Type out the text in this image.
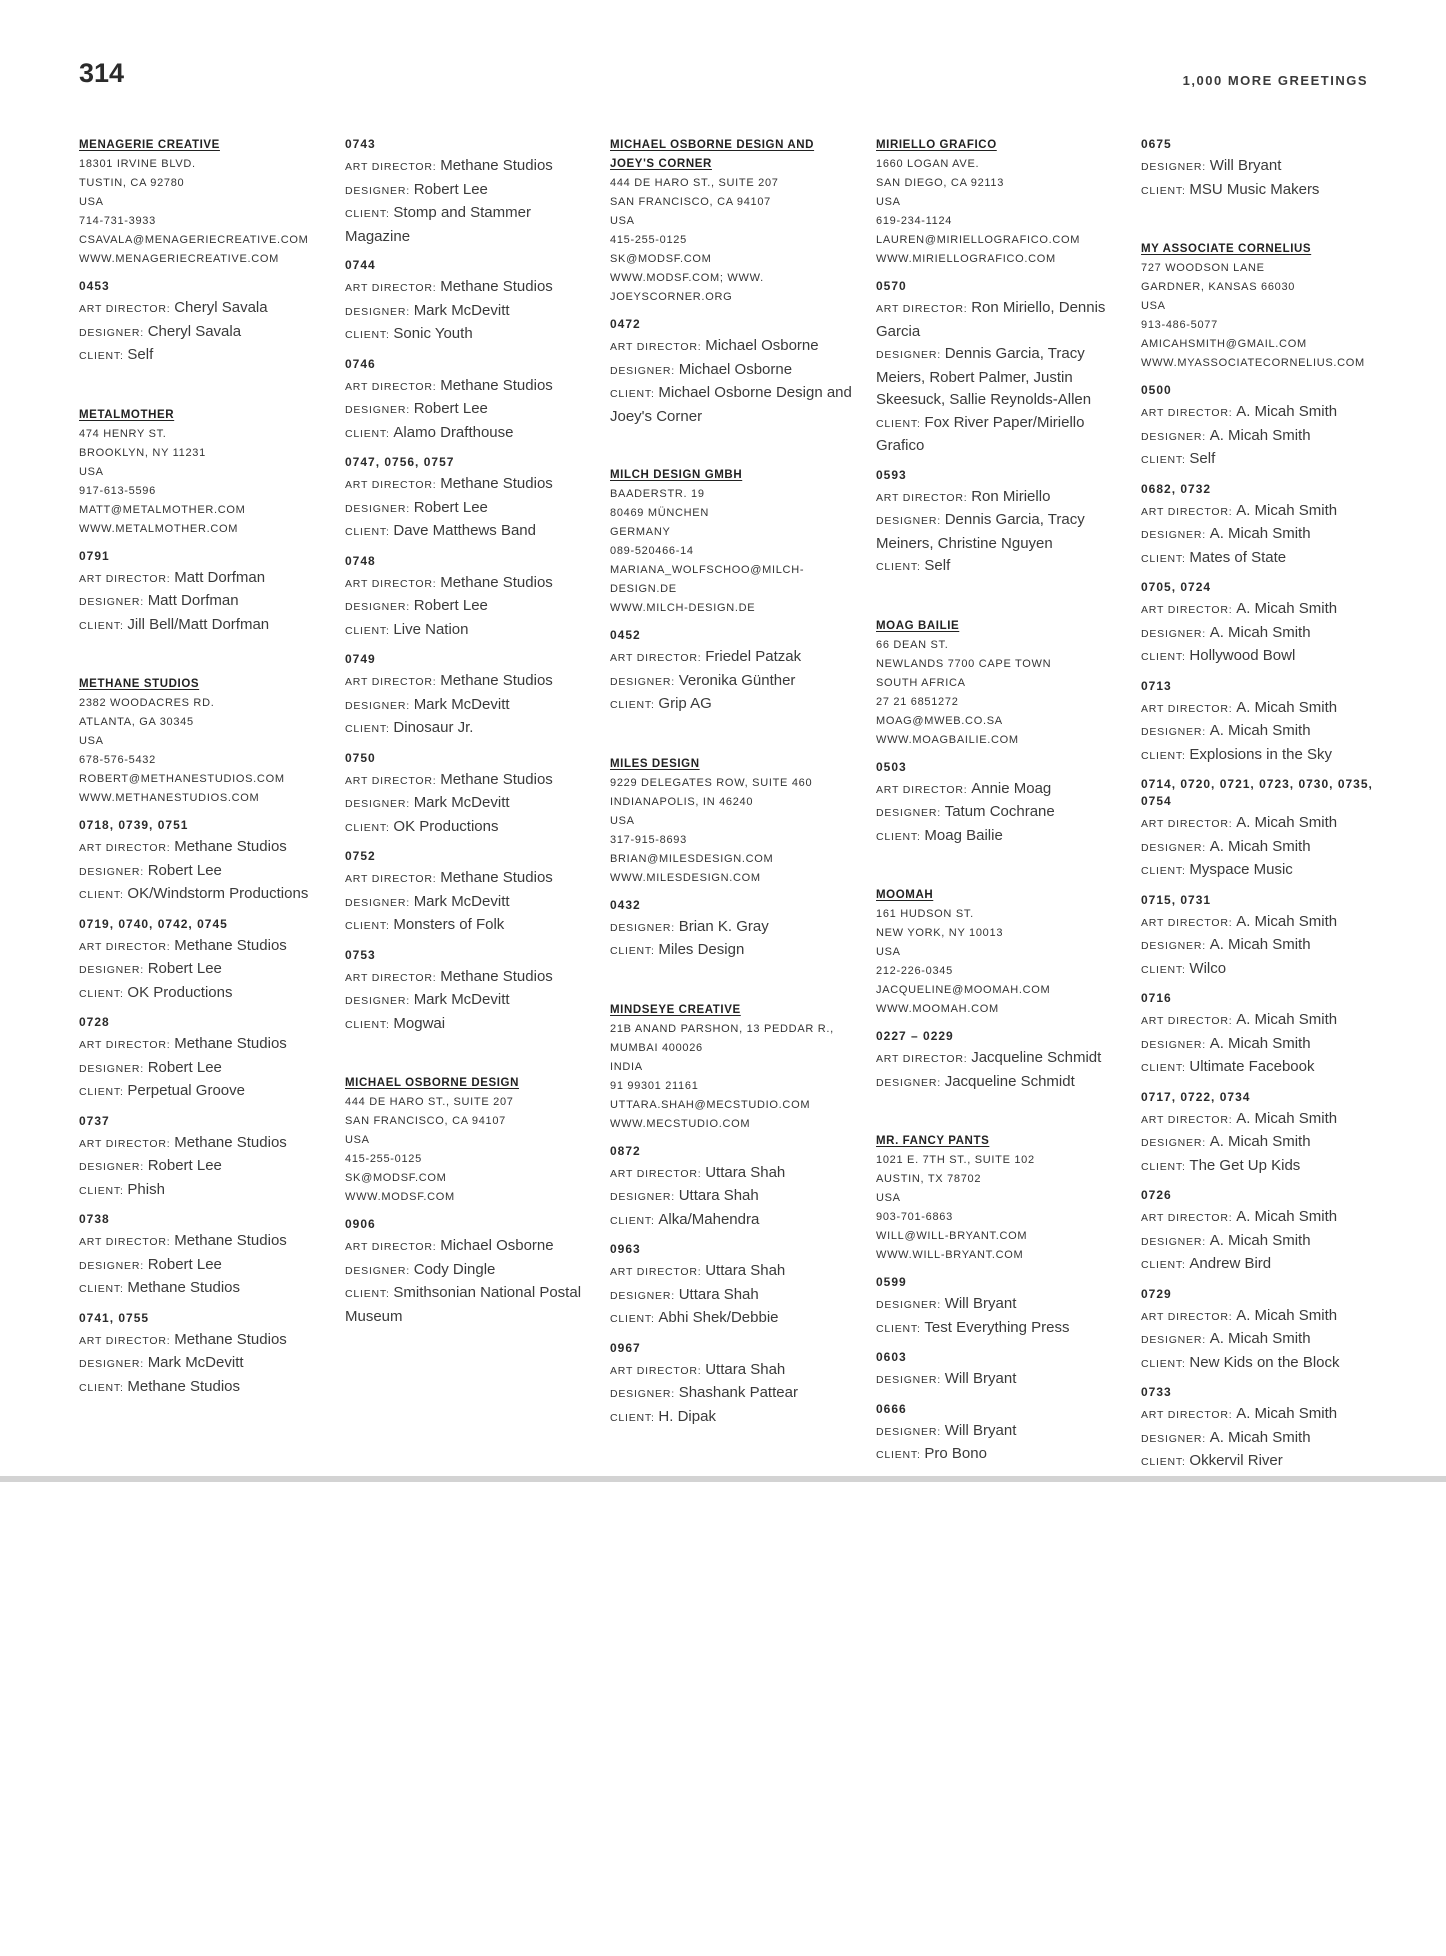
314	1,000 MORE GREETINGS

MENAGERIE CREATIVE

18301 IRVINE BLVD.

TUSTIN, CA 92780

USA

714-731-3933

CSAVALA@MENAGERIECREATIVE.COM

WWW.MENAGERIECREATIVE.COM

0453

ART DIRECTOR : Cheryl Savala

DESIGNER : Cheryl Savala

CLIENT : Self

METALMOTHER

474 HENRY ST.

BROOKLYN, NY 11231

USA

917-613-5596

MATT@METALMOTHER.COM

WWW.METALMOTHER.COM

0791

ART DIRECTOR : Matt Dorfman

DESIGNER : Matt Dorfman

CLIENT : Jill Bell/Matt Dorfman

METHANE STUDIOS

2382 WOODACRES RD.

ATLANTA, GA 30345

USA

678-576-5432

ROBERT@METHANESTUDIOS.COM

WWW.METHANESTUDIOS.COM

0718, 0739, 0751

ART DIRECTOR : Methane Studios

DESIGNER : Robert Lee

CLIENT : OK/Windstorm Productions

0719, 0740, 0742, 0745

ART DIRECTOR : Methane Studios

DESIGNER : Robert Lee

CLIENT : OK Productions

0728

ART DIRECTOR : Methane Studios

DESIGNER : Robert Lee

CLIENT : Perpetual Groove

0737

ART DIRECTOR : Methane Studios

DESIGNER : Robert Lee

CLIENT : Phish

0738

ART DIRECTOR : Methane Studios

DESIGNER : Robert Lee

CLIENT : Methane Studios

0741, 0755

ART DIRECTOR : Methane Studios

DESIGNER : Mark McDevitt

CLIENT : Methane Studios

0743

ART DIRECTOR : Methane Studios

DESIGNER : Robert Lee

CLIENT : Stomp and Stammer Magazine

0744

ART DIRECTOR : Methane Studios

DESIGNER : Mark McDevitt

CLIENT : Sonic Youth

0746

ART DIRECTOR : Methane Studios

DESIGNER : Robert Lee

CLIENT : Alamo Drafthouse

0747, 0756, 0757

ART DIRECTOR : Methane Studios

DESIGNER : Robert Lee

CLIENT : Dave Matthews Band

0748

ART DIRECTOR : Methane Studios

DESIGNER : Robert Lee

CLIENT : Live Nation

0749

ART DIRECTOR : Methane Studios

DESIGNER : Mark McDevitt

CLIENT : Dinosaur Jr.

0750

ART DIRECTOR : Methane Studios

DESIGNER : Mark McDevitt

CLIENT : OK Productions

0752

ART DIRECTOR : Methane Studios

DESIGNER : Mark McDevitt

CLIENT : Monsters of Folk

0753

ART DIRECTOR : Methane Studios

DESIGNER : Mark McDevitt

CLIENT : Mogwai

MICHAEL OSBORNE DESIGN

444 DE HARO ST., SUITE 207

SAN FRANCISCO, CA 94107

USA

415-255-0125

SK@MODSF.COM

WWW.MODSF.COM

0906

ART DIRECTOR : Michael Osborne

DESIGNER : Cody Dingle

CLIENT : Smithsonian National Postal Museum

MICHAEL OSBORNE DESIGN AND JOEY'S CORNER

444 DE HARO ST., SUITE 207

SAN FRANCISCO, CA 94107

USA

415-255-0125

SK@MODSF.COM

WWW.MODSF.COM; WWW.

JOEYSCORNER.ORG

0472

ART DIRECTOR : Michael Osborne

DESIGNER : Michael Osborne

CLIENT : Michael Osborne Design and Joey's Corner

MILCH DESIGN GMBH

BAADERSTR. 19

80469 MÜNCHEN

GERMANY

089-520466-14

MARIANA_WOLFSCHOO@MILCH-

DESIGN.DE

WWW.MILCH-DESIGN.DE

0452

ART DIRECTOR : Friedel Patzak

DESIGNER : Veronika Günther

CLIENT : Grip AG

MILES DESIGN

9229 DELEGATES ROW, SUITE 460

INDIANAPOLIS, IN 46240

USA

317-915-8693

BRIAN@MILESDESIGN.COM

WWW.MILESDESIGN.COM

0432

DESIGNER : Brian K. Gray

CLIENT : Miles Design

MINDSEYE CREATIVE

21B ANAND PARSHON, 13 PEDDAR R.,

MUMBAI 400026

INDIA

91 99301 21161

UTTARA.SHAH@MECSTUDIO.COM

WWW.MECSTUDIO.COM

0872

ART DIRECTOR : Uttara Shah

DESIGNER : Uttara Shah

CLIENT : Alka/Mahendra

0963

ART DIRECTOR : Uttara Shah

DESIGNER : Uttara Shah

CLIENT : Abhi Shek/Debbie

0967

ART DIRECTOR : Uttara Shah

DESIGNER : Shashank Pattear

CLIENT : H. Dipak

MIRIELLO GRAFICO

1660 LOGAN AVE.

SAN DIEGO, CA 92113

USA

619-234-1124

LAUREN@MIRIELLOGRAFICO.COM

WWW.MIRIELLOGRAFICO.COM

0570

ART DIRECTOR : Ron Miriello, Dennis Garcia

DESIGNER : Dennis Garcia, Tracy Meiers, Robert Palmer, Justin Skeesuck, Sallie Reynolds-Allen

CLIENT : Fox River Paper/Miriello Grafico

0593

ART DIRECTOR : Ron Miriello

DESIGNER : Dennis Garcia, Tracy Meiners, Christine Nguyen

CLIENT : Self

MOAG BAILIE

66 DEAN ST.

NEWLANDS 7700 CAPE TOWN

SOUTH AFRICA

27 21 6851272

MOAG@MWEB.CO.SA

WWW.MOAGBAILIE.COM

0503

ART DIRECTOR : Annie Moag

DESIGNER : Tatum Cochrane

CLIENT : Moag Bailie

MOOMAH

161 HUDSON ST.

NEW YORK, NY 10013

USA

212-226-0345

JACQUELINE@MOOMAH.COM

WWW.MOOMAH.COM

0227 – 0229

ART DIRECTOR : Jacqueline Schmidt

DESIGNER : Jacqueline Schmidt

MR. FANCY PANTS

1021 E. 7TH ST., SUITE 102

AUSTIN, TX 78702

USA

903-701-6863

WILL@WILL-BRYANT.COM

WWW.WILL-BRYANT.COM

0599

DESIGNER : Will Bryant

CLIENT : Test Everything Press

0603

DESIGNER : Will Bryant

0666

DESIGNER : Will Bryant

CLIENT : Pro Bono

0675

DESIGNER : Will Bryant

CLIENT : MSU Music Makers

MY ASSOCIATE CORNELIUS

727 WOODSON LANE

GARDNER, KANSAS 66030

USA

913-486-5077

AMICAHSMITH@GMAIL.COM

WWW.MYASSOCIATECORNELIUS.COM

0500

ART DIRECTOR : A. Micah Smith

DESIGNER : A. Micah Smith

CLIENT : Self

0682, 0732

ART DIRECTOR : A. Micah Smith

DESIGNER : A. Micah Smith

CLIENT : Mates of State

0705, 0724

ART DIRECTOR : A. Micah Smith

DESIGNER : A. Micah Smith

CLIENT : Hollywood Bowl

0713

ART DIRECTOR : A. Micah Smith

DESIGNER : A. Micah Smith

CLIENT : Explosions in the Sky

0714, 0720, 0721, 0723, 0730, 0735, 0754

ART DIRECTOR : A. Micah Smith

DESIGNER : A. Micah Smith

CLIENT : Myspace Music

0715, 0731

ART DIRECTOR : A. Micah Smith

DESIGNER : A. Micah Smith

CLIENT : Wilco

0716

ART DIRECTOR : A. Micah Smith

DESIGNER : A. Micah Smith

CLIENT : Ultimate Facebook

0717, 0722, 0734

ART DIRECTOR : A. Micah Smith

DESIGNER : A. Micah Smith

CLIENT : The Get Up Kids

0726

ART DIRECTOR : A. Micah Smith

DESIGNER : A. Micah Smith

CLIENT : Andrew Bird

0729

ART DIRECTOR : A. Micah Smith

DESIGNER : A. Micah Smith

CLIENT : New Kids on the Block

0733

ART DIRECTOR : A. Micah Smith

DESIGNER : A. Micah Smith

CLIENT : Okkervil River
